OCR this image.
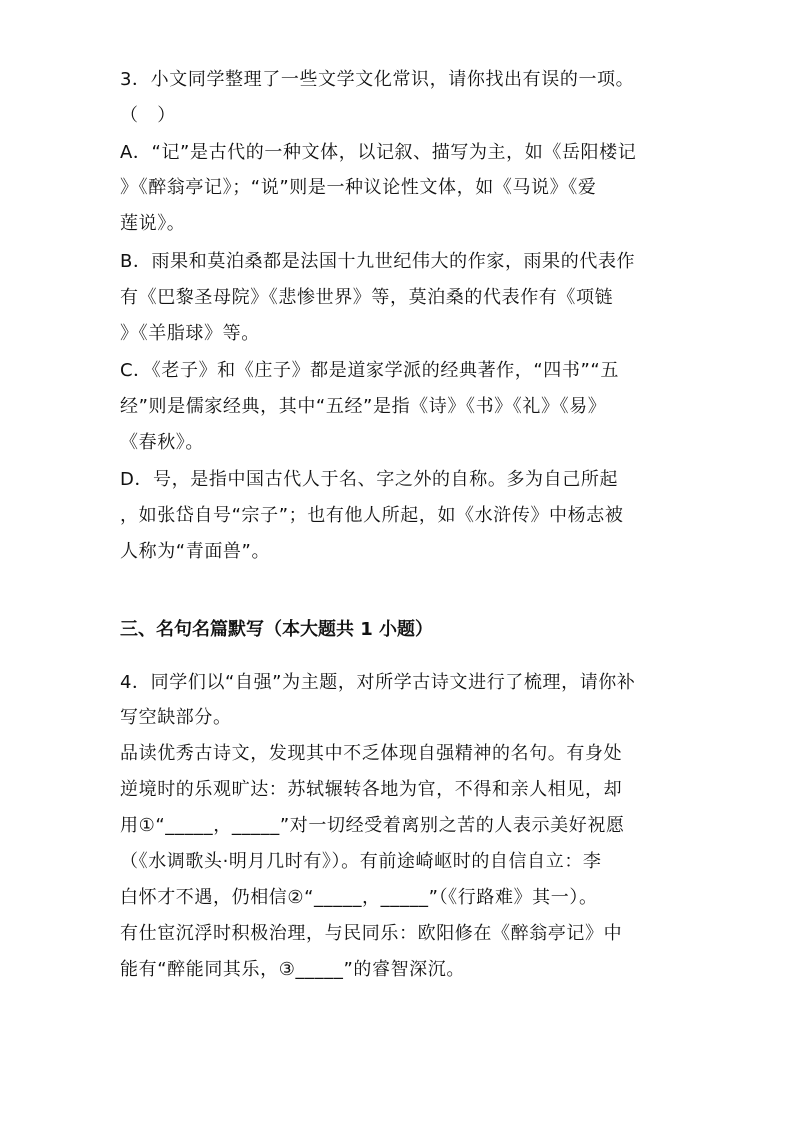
3．小文同学整理了一些文学文化常识，请你找出有误的一项。
（　）
A．“记”是古代的一种文体，以记叙、描写为主，如《岳阳楼记
》《醉翁亭记》；“说”则是一种议论性文体，如《马说》《爱
莲说》。
B．雨果和莫泊桑都是法国十九世纪伟大的作家，雨果的代表作
有《巴黎圣母院》《悲惨世界》等，莫泊桑的代表作有《项链
》《羊脂球》等。
C．《老子》和《庄子》都是道家学派的经典著作，“四书”“五
经”则是儒家经典，其中“五经”是指《诗》《书》《礼》《易》
《春秋》。
D．号，是指中国古代人于名、字之外的自称。多为自己所起
，如张岱自号“宗子”；也有他人所起，如《水浒传》中杨志被
人称为“青面兽”。
三、名句名篇默写（本大题共 1 小题）
4．同学们以“自强”为主题，对所学古诗文进行了梳理，请你补
写空缺部分。
品读优秀古诗文，发现其中不乏体现自强精神的名句。有身处
逆境时的乐观旷达：苏轼辗转各地为官，不得和亲人相见，却
用①“_____，_____”对一切经受着离别之苦的人表示美好祝愿
（《水调歌头·明月几时有》）。有前途崎岖时的自信自立：李
白怀才不遇，仍相信②“_____，_____”（《行路难》其一）。
有仕宦沉浮时积极治理，与民同乐：欧阳修在《醉翁亭记》中
能有“醉能同其乐，③_____”的睿智深沉。
